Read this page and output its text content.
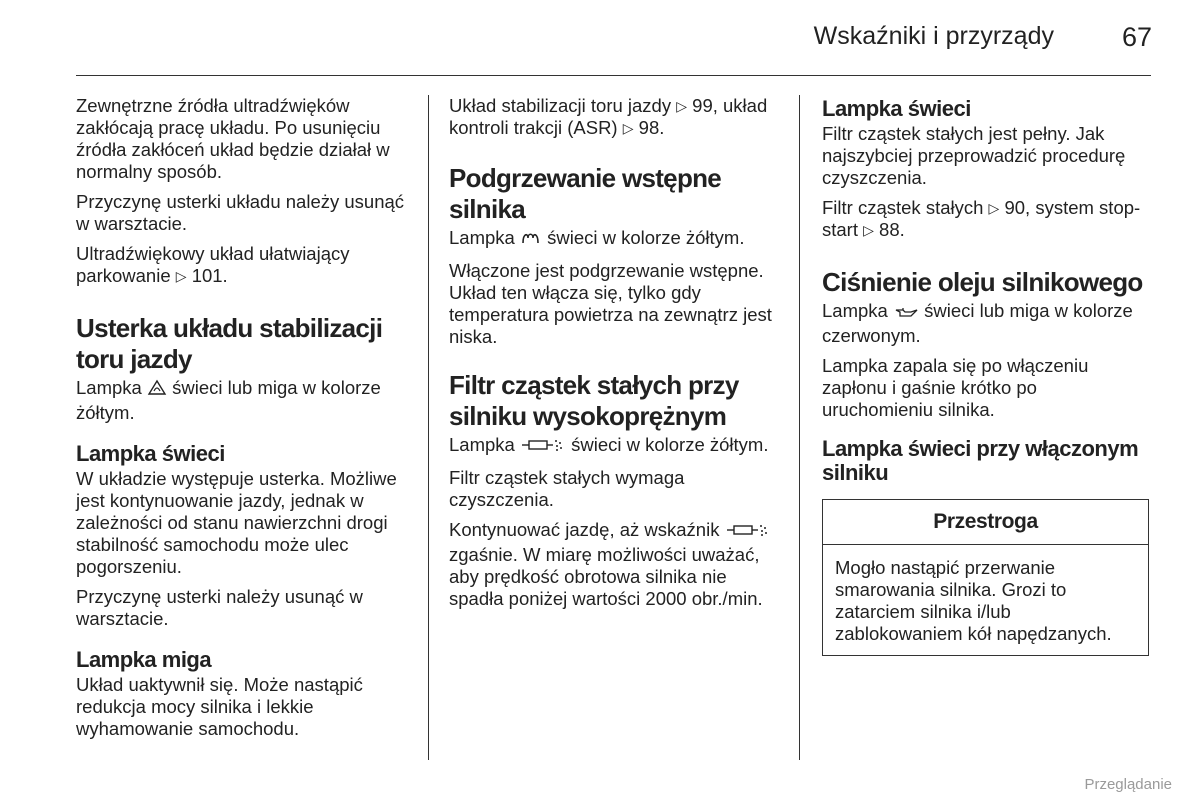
Wskaźniki i przyrządy	67

Zewnętrzne źródła ultradźwięków zakłócają pracę układu. Po usunięciu źródła zakłóceń układ będzie działał w normalny sposób.

Przyczynę usterki układu należy usunąć w warsztacie.

Ultradźwiękowy układ ułatwiający parkowanie ▷ 101.

Usterka układu stabilizacji toru jazdy

Lampka  świeci lub miga w kolorze żółtym.

Lampka świeci

W układzie występuje usterka. Możliwe jest kontynuowanie jazdy, jednak w zależności od stanu nawierzchni drogi stabilność samochodu może ulec pogorszeniu.

Przyczynę usterki należy usunąć w warsztacie.

Lampka miga

Układ uaktywnił się. Może nastąpić redukcja mocy silnika i lekkie wyhamowanie samochodu.

Układ stabilizacji toru jazdy ▷ 99, układ kontroli trakcji (ASR) ▷ 98.

Podgrzewanie wstępne silnika

Lampka  świeci w kolorze żółtym.

Włączone jest podgrzewanie wstępne. Układ ten włącza się, tylko gdy temperatura powietrza na zewnątrz jest niska.

Filtr cząstek stałych przy silniku wysokoprężnym

Lampka  świeci w kolorze żółtym.

Filtr cząstek stałych wymaga czyszczenia.

Kontynuować jazdę, aż wskaźnik  zgaśnie. W miarę możliwości uważać, aby prędkość obrotowa silnika nie spadła poniżej wartości 2000 obr./min.

Lampka świeci

Filtr cząstek stałych jest pełny. Jak najszybciej przeprowadzić procedurę czyszczenia.

Filtr cząstek stałych ▷ 90, system stop-start ▷ 88.

Ciśnienie oleju silnikowego

Lampka  świeci lub miga w kolorze czerwonym.

Lampka zapala się po włączeniu zapłonu i gaśnie krótko po uruchomieniu silnika.

Lampka świeci przy włączonym silniku
Przestroga
Mogło nastąpić przerwanie smarowania silnika. Grozi to zatarciem silnika i/lub zablokowaniem kół napędzanych.
Przeglądanie
